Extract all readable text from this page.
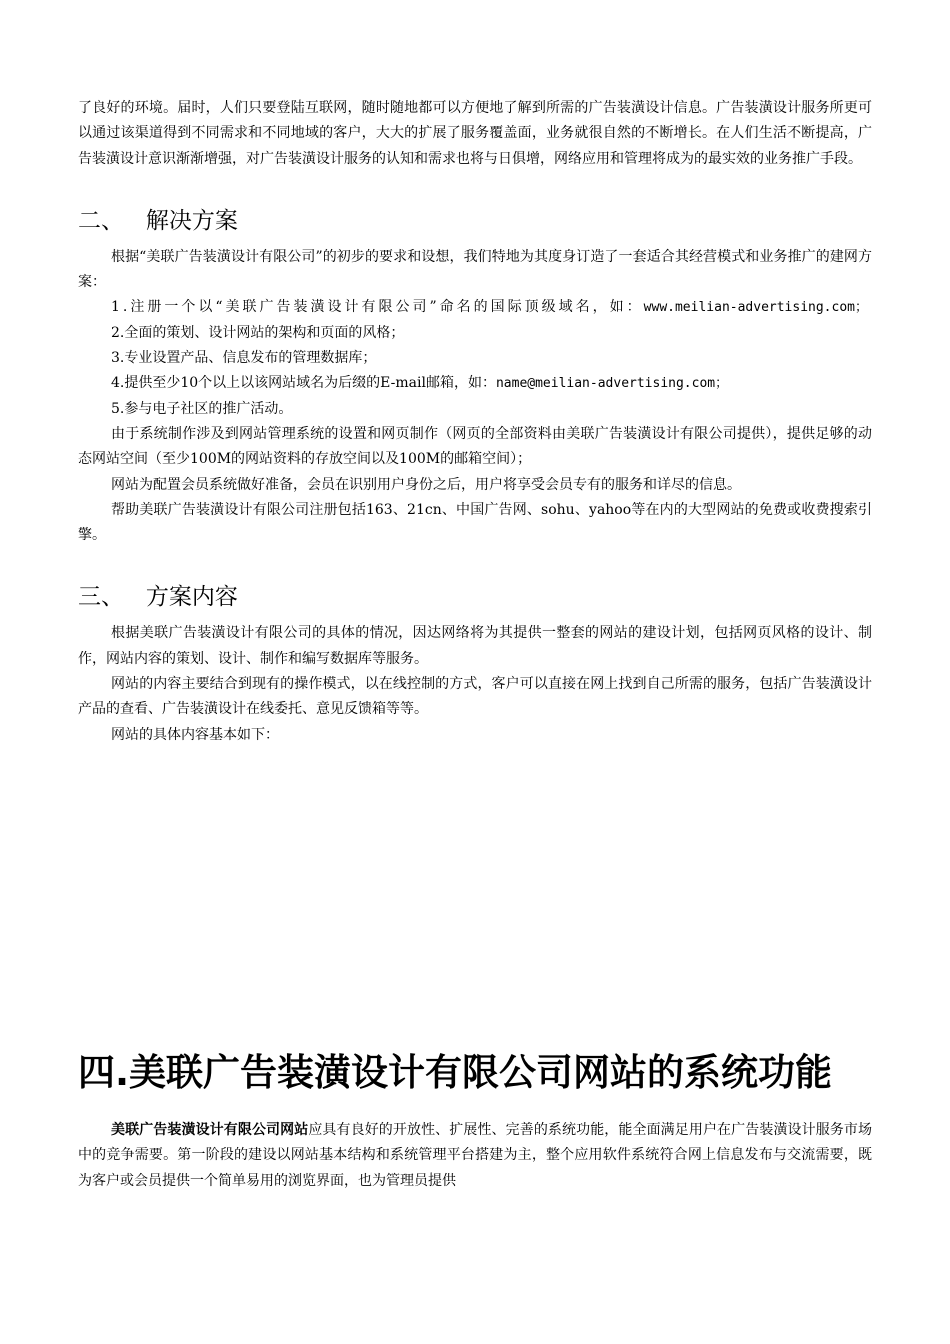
了良好的环境。届时，人们只要登陆互联网，随时随地都可以方便地了解到所需的广告装潢设计信息。广告装潢设计服务所更可以通过该渠道得到不同需求和不同地域的客户，大大的扩展了服务覆盖面，业务就很自然的不断增长。在人们生活不断提高，广告装潢设计意识渐渐增强，对广告装潢设计服务的认知和需求也将与日俱增，网络应用和管理将成为的最实效的业务推广手段。

二、   解决方案

根据“美联广告装潢设计有限公司”的初步的要求和设想，我们特地为其度身订造了一套适合其经营模式和业务推广的建网方案：

1.注册一个以“美联广告装潢设计有限公司”命名的国际顶级域名，如：www.meilian-advertising.com；

2.全面的策划、设计网站的架构和页面的风格；

3.专业设置产品、信息发布的管理数据库；

4.提供至少10个以上以该网站域名为后缀的E-mail邮箱，如：name@meilian-advertising.com；

5.参与电子社区的推广活动。

由于系统制作涉及到网站管理系统的设置和网页制作（网页的全部资料由美联广告装潢设计有限公司提供），提供足够的动态网站空间（至少100M的网站资料的存放空间以及100M的邮箱空间）；

网站为配置会员系统做好准备，会员在识别用户身份之后，用户将享受会员专有的服务和详尽的信息。

帮助美联广告装潢设计有限公司注册包括163、21cn、中国广告网、sohu、yahoo等在内的大型网站的免费或收费搜索引擎。

三、   方案内容

根据美联广告装潢设计有限公司的具体的情况，因达网络将为其提供一整套的网站的建设计划，包括网页风格的设计、制作，网站内容的策划、设计、制作和编写数据库等服务。

网站的内容主要结合到现有的操作模式，以在线控制的方式，客户可以直接在网上找到自己所需的服务，包括广告装潢设计产品的查看、广告装潢设计在线委托、意见反馈箱等等。

网站的具体内容基本如下：

四.美联广告装潢设计有限公司网站的系统功能

美联广告装潢设计有限公司网站应具有良好的开放性、扩展性、完善的系统功能，能全面满足用户在广告装潢设计服务市场中的竞争需要。第一阶段的建设以网站基本结构和系统管理平台搭建为主，整个应用软件系统符合网上信息发布与交流需要，既为客户或会员提供一个简单易用的浏览界面，也为管理员提供
